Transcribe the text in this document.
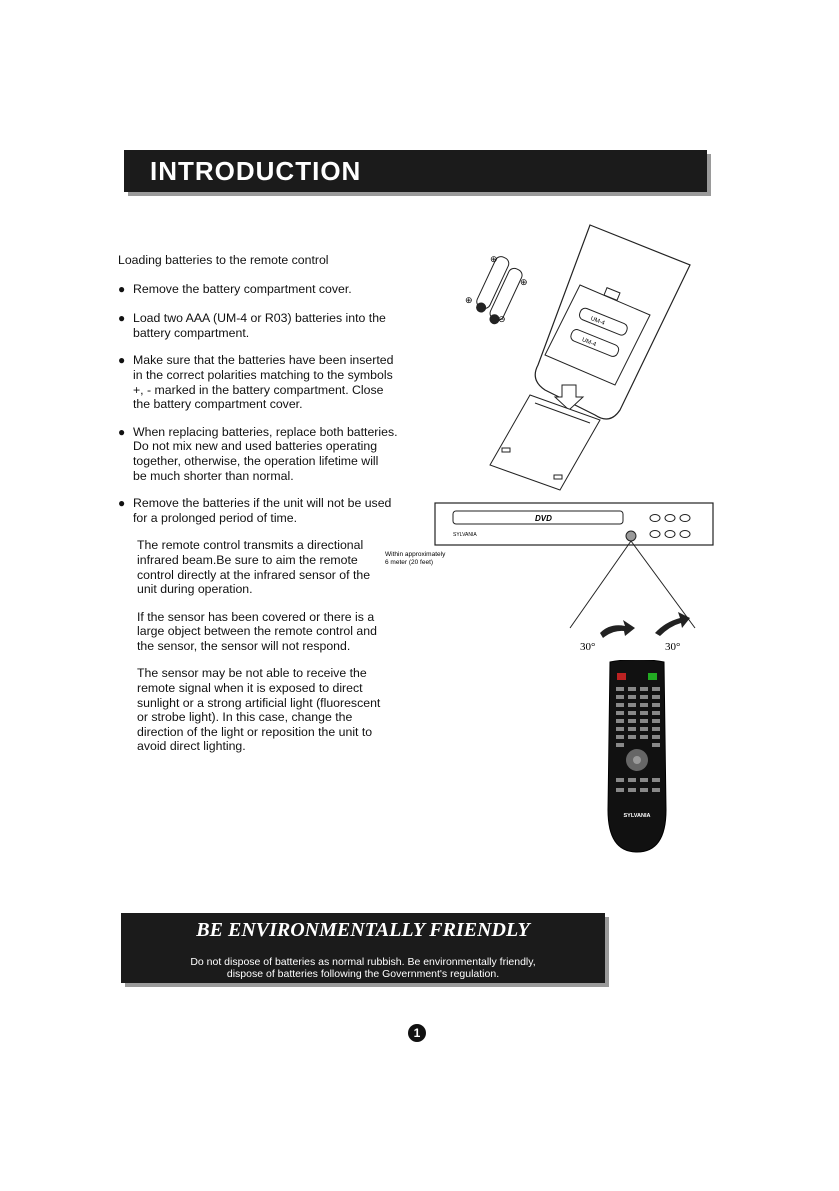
INTRODUCTION

Loading batteries to the remote control

● Remove the battery compartment cover.

● Load two AAA (UM-4 or R03) batteries into the

battery compartment.

● Make sure that the batteries have been inserted

in the correct polarities matching to the symbols

+, - marked in the battery compartment. Close

the battery compartment cover.

● When replacing batteries, replace both batteries.

Do not mix new and used batteries operating

together, otherwise, the operation lifetime will

be much shorter than normal.

● Remove the batteries if the unit will not be used

for a prolonged period of time.

The remote control transmits a directional

infrared beam.Be sure to aim the remote

control directly at the infrared sensor of the

unit during operation.

If the sensor has been covered or there is a

large object between the remote control and

the sensor, the sensor will not respond.

The sensor may be not able to receive the

remote signal when it is exposed to direct

sunlight or a strong artificial light (fluorescent

or strobe light). In this case, change the

direction of the light or reposition the unit to

avoid direct lighting.

UM-4
UM-4
⊕
⊕
⊕
⊖
DVD
SYLVANIA
Within approximately
6 meter (20 feet)
30°	30°
SYLVANIA
BE ENVIRONMENTALLY FRIENDLY
Do not dispose of batteries as normal rubbish. Be environmentally friendly,
dispose of batteries following the Government's regulation.
1
